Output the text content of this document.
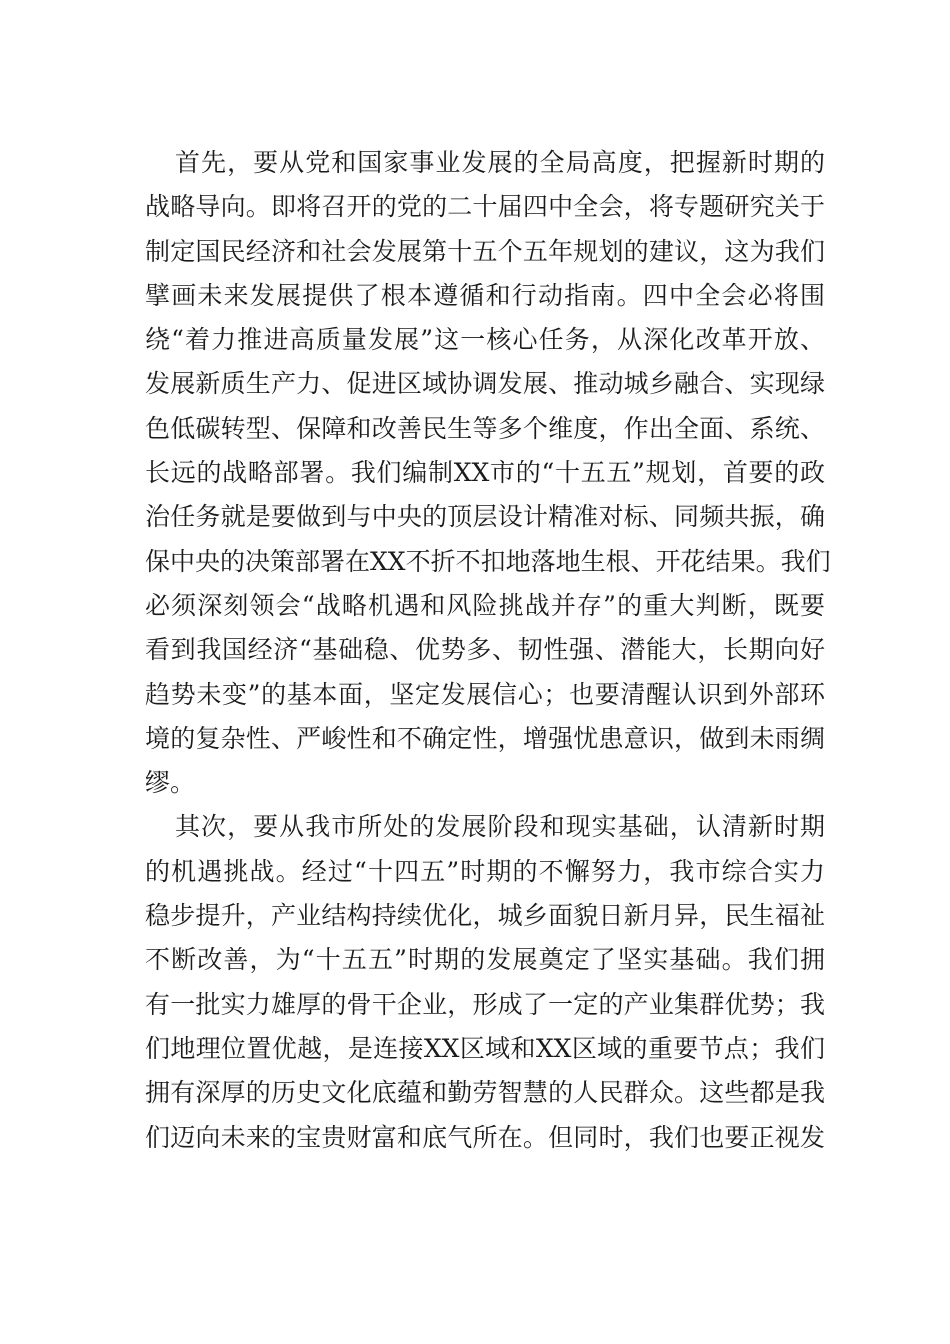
首先，要从党和国家事业发展的全局高度，把握新时期的
战略导向。即将召开的党的二十届四中全会，将专题研究关于
制定国民经济和社会发展第十五个五年规划的建议，这为我们
擘画未来发展提供了根本遵循和行动指南。四中全会必将围
绕“着力推进高质量发展”这一核心任务，从深化改革开放、
发展新质生产力、促进区域协调发展、推动城乡融合、实现绿
色低碳转型、保障和改善民生等多个维度，作出全面、系统、
长远的战略部署。我们编制XX市的“十五五”规划，首要的政
治任务就是要做到与中央的顶层设计精准对标、同频共振，确
保中央的决策部署在XX不折不扣地落地生根、开花结果。我们
必须深刻领会“战略机遇和风险挑战并存”的重大判断，既要
看到我国经济“基础稳、优势多、韧性强、潜能大，长期向好
趋势未变”的基本面，坚定发展信心；也要清醒认识到外部环
境的复杂性、严峻性和不确定性，增强忧患意识，做到未雨绸
缪。
其次，要从我市所处的发展阶段和现实基础，认清新时期
的机遇挑战。经过“十四五”时期的不懈努力，我市综合实力
稳步提升，产业结构持续优化，城乡面貌日新月异，民生福祉
不断改善，为“十五五”时期的发展奠定了坚实基础。我们拥
有一批实力雄厚的骨干企业，形成了一定的产业集群优势；我
们地理位置优越，是连接XX区域和XX区域的重要节点；我们
拥有深厚的历史文化底蕴和勤劳智慧的人民群众。这些都是我
们迈向未来的宝贵财富和底气所在。但同时，我们也要正视发
